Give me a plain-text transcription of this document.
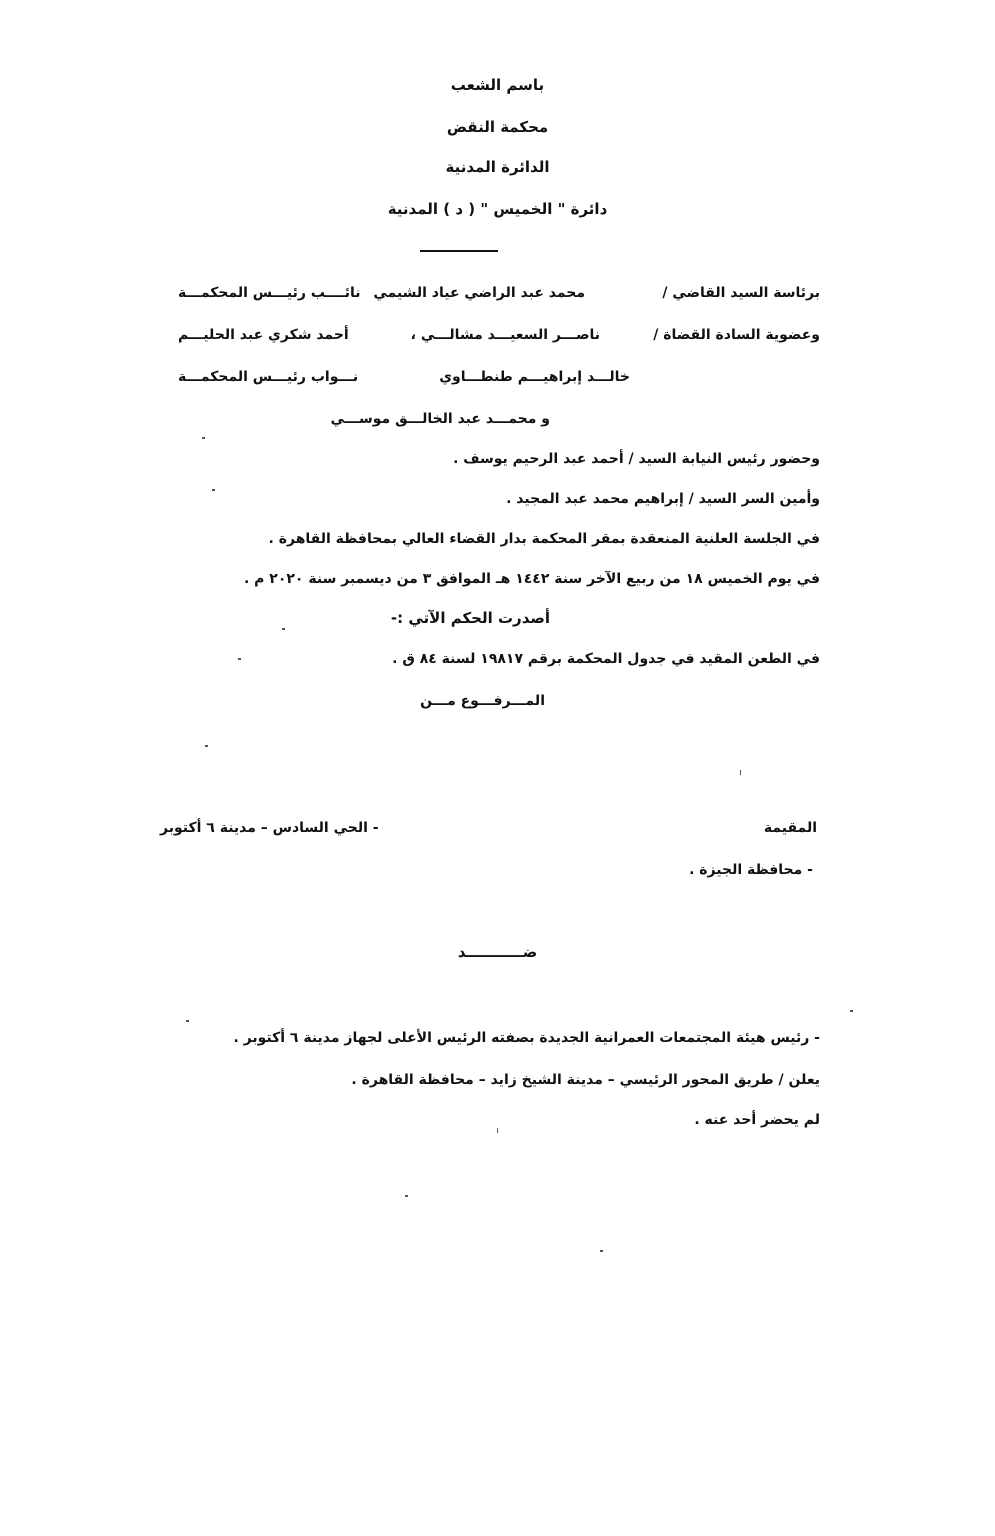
باسم الشعب
محكمة النقض
الدائرة المدنية
دائرة " الخميس " ( د ) المدنية
برئاسة السيد القاضي /
محمد عبد الراضي عياد الشيمي
نائــــب رئيـــس المحكمـــة
وعضوية السادة القضاة /
ناصـــر السعيـــد مشالـــي ،
أحمد شكري عبد الحليـــم
خالـــد إبراهيـــم طنطـــاوي
نـــواب رئيـــس المحكمـــة
و محمـــد عبد الخالـــق موســـي
وحضور رئيس النيابة السيد / أحمد عبد الرحيم يوسف .
وأمين السر السيد / إبراهيم محمد عبد المجيد .
في الجلسة العلنية المنعقدة بمقر المحكمة بدار القضاء العالي بمحافظة القاهرة .
في يوم الخميس ١٨ من ربيع الآخر سنة ١٤٤٢ هـ الموافق ٣ من ديسمبر سنة ٢٠٢٠ م .
أصدرت الحكم الآتي :-
في الطعن المقيد في جدول المحكمة برقم ١٩٨١٧ لسنة ٨٤ ق .
المـــرفـــوع مـــن
المقيمة
- الحي السادس – مدينة ٦ أكتوبر
- محافظة الجيزة .
ضـــــــــــد
- رئيس هيئة المجتمعات العمرانية الجديدة بصفته الرئيس الأعلى لجهاز مدينة ٦ أكتوبر .
يعلن / طريق المحور الرئيسي – مدينة الشيخ زايد – محافظة القاهرة .
لم يحضر أحد عنه .
